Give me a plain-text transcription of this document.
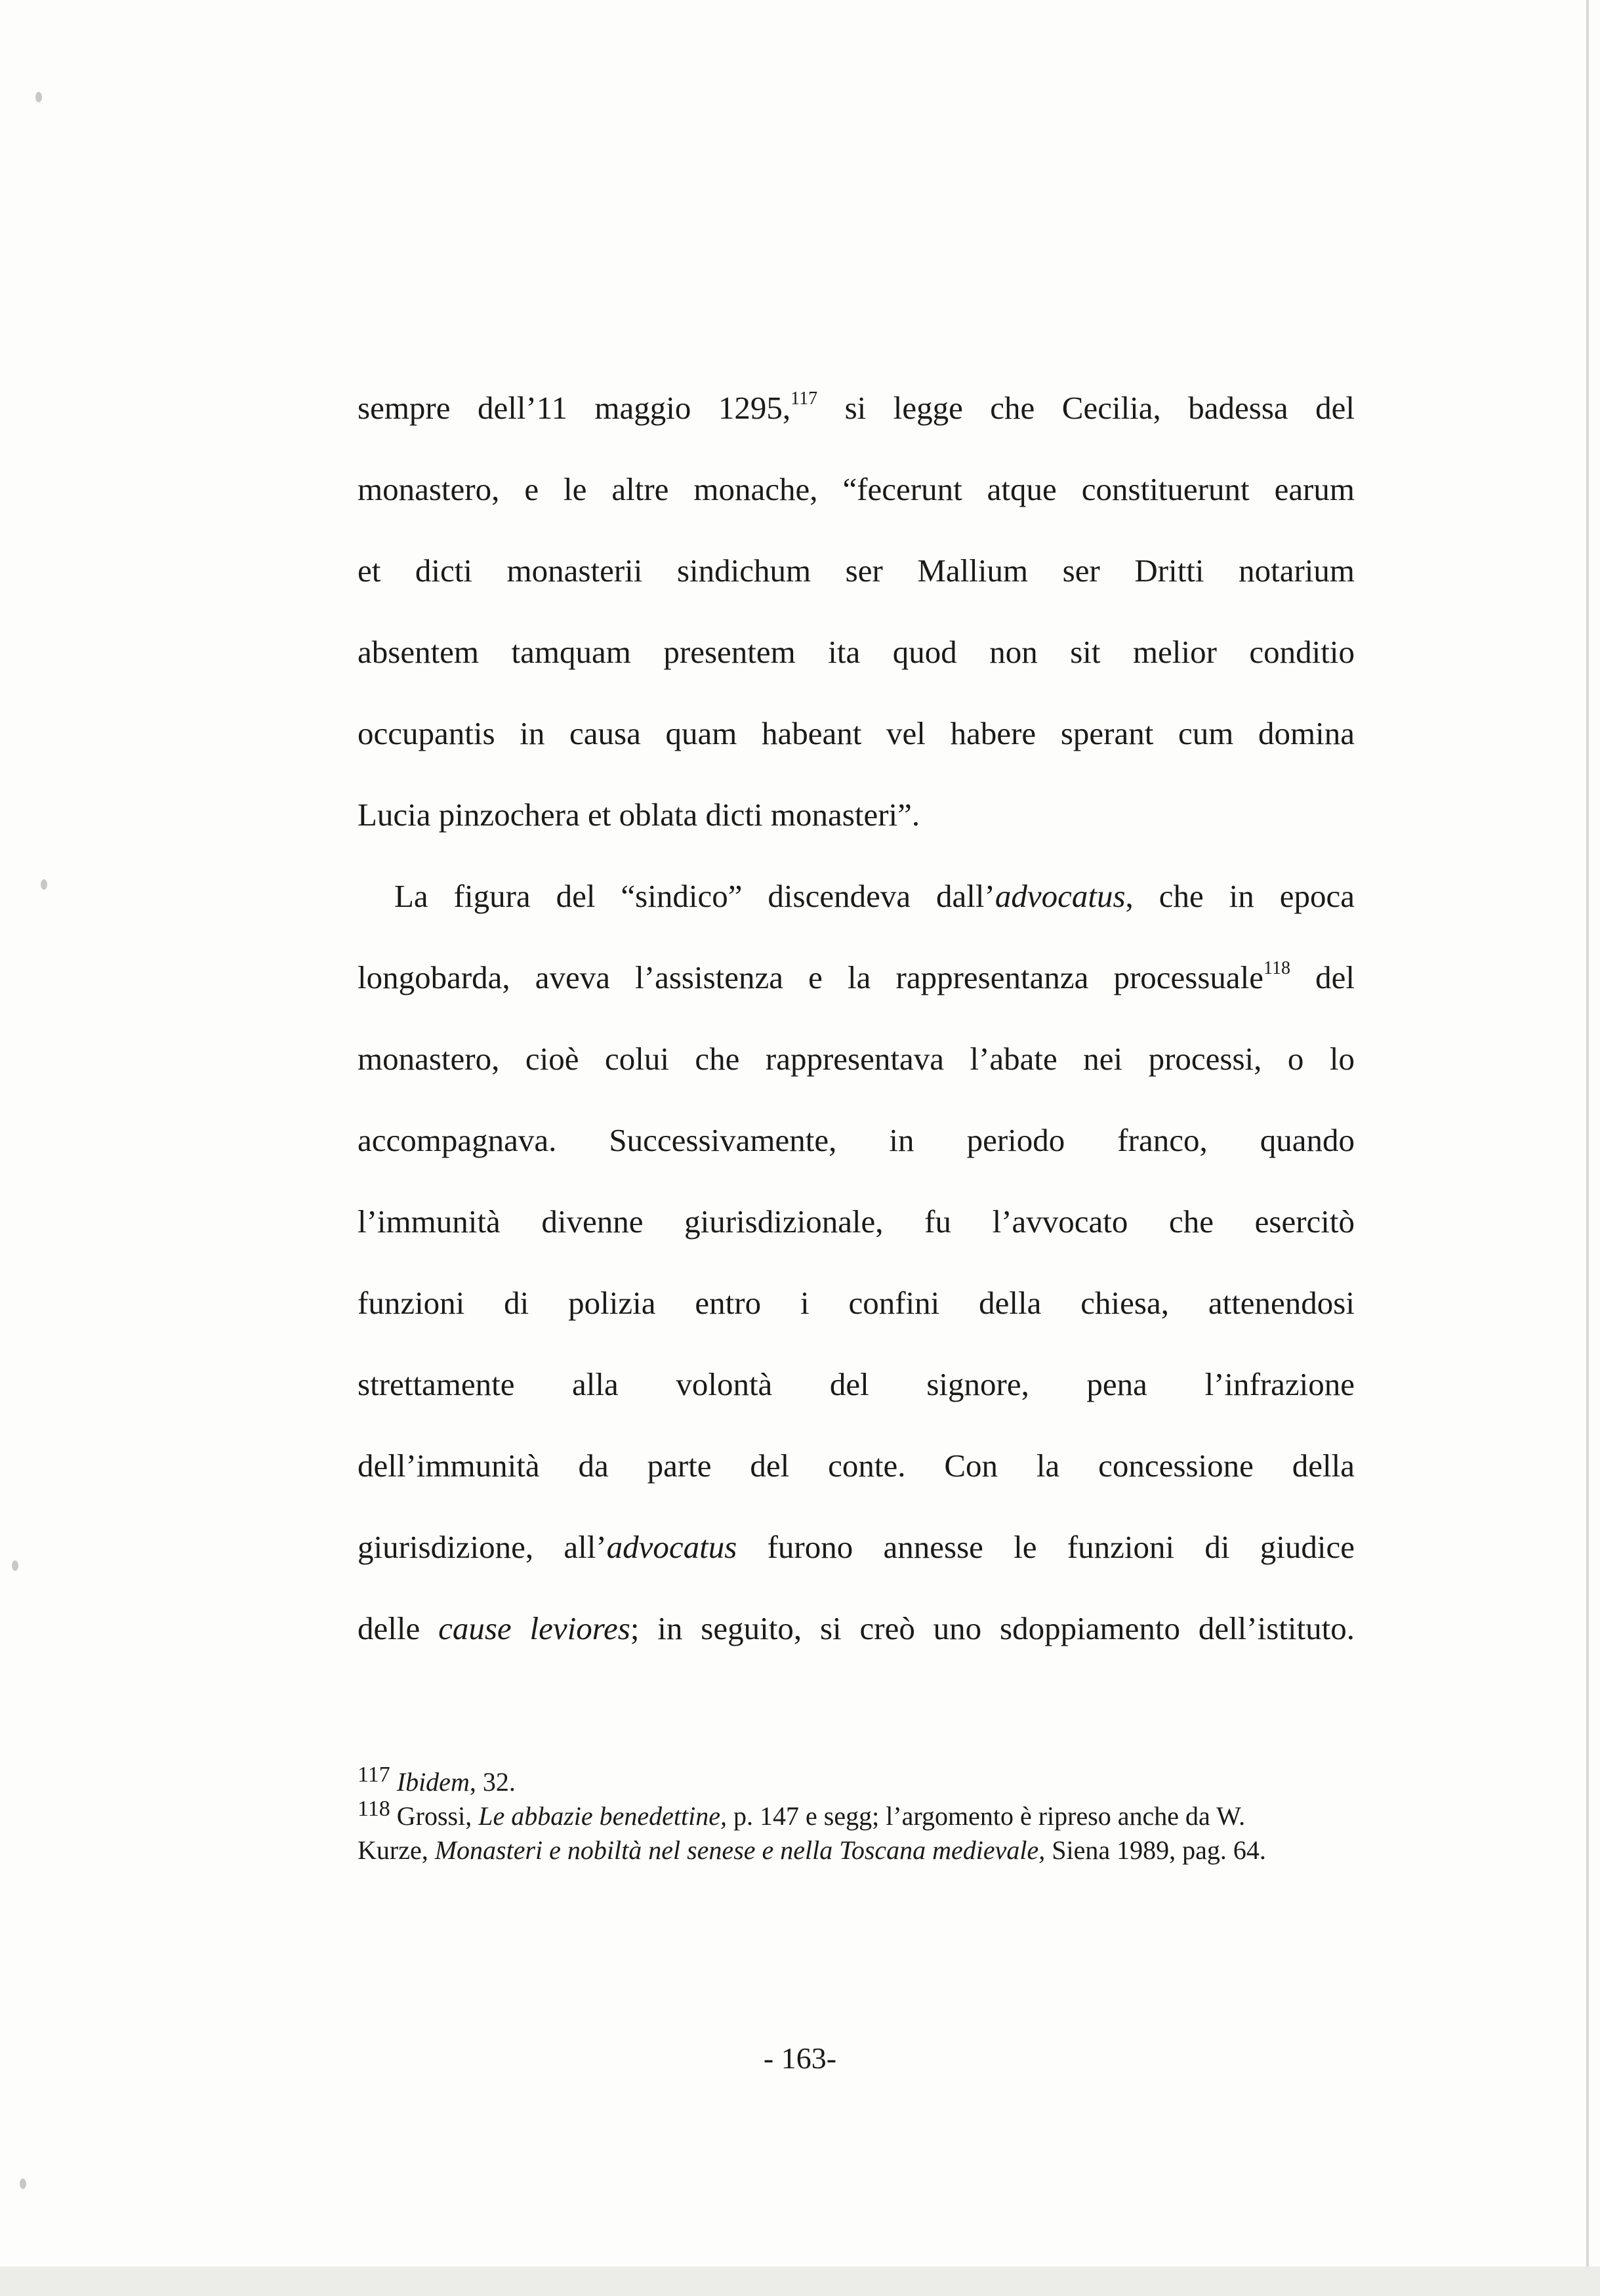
sempre dell’11 maggio 1295,$^{117}$ si legge che Cecilia, badessa del
monastero, e le altre monache, “fecerunt atque constituerunt earum
et dicti monasterii sindichum ser Mallium ser Dritti notarium
absentem tamquam presentem ita quod non sit melior conditio
occupantis in causa quam habeant vel habere sperant cum domina
Lucia pinzochera et oblata dicti monasteri”.
La figura del “sindico” discendeva dall’advocatus, che in epoca
longobarda, aveva l’assistenza e la rappresentanza processuale$^{118}$ del
monastero, cioè colui che rappresentava l’abate nei processi, o lo
accompagnava. Successivamente, in periodo franco, quando
l’immunità divenne giurisdizionale, fu l’avvocato che esercitò
funzioni di polizia entro i confini della chiesa, attenendosi
strettamente alla volontà del signore, pena l’infrazione
dell’immunità da parte del conte. Con la concessione della
giurisdizione, all’advocatus furono annesse le funzioni di giudice
delle cause leviores; in seguito, si creò uno sdoppiamento dell’istituto.
$^{117}$ Ibidem, 32.
$^{118}$ Grossi, Le abbazie benedettine, p. 147 e segg; l’argomento è ripreso anche da W.
Kurze, Monasteri e nobiltà nel senese e nella Toscana medievale, Siena 1989, pag. 64.
- 163-
